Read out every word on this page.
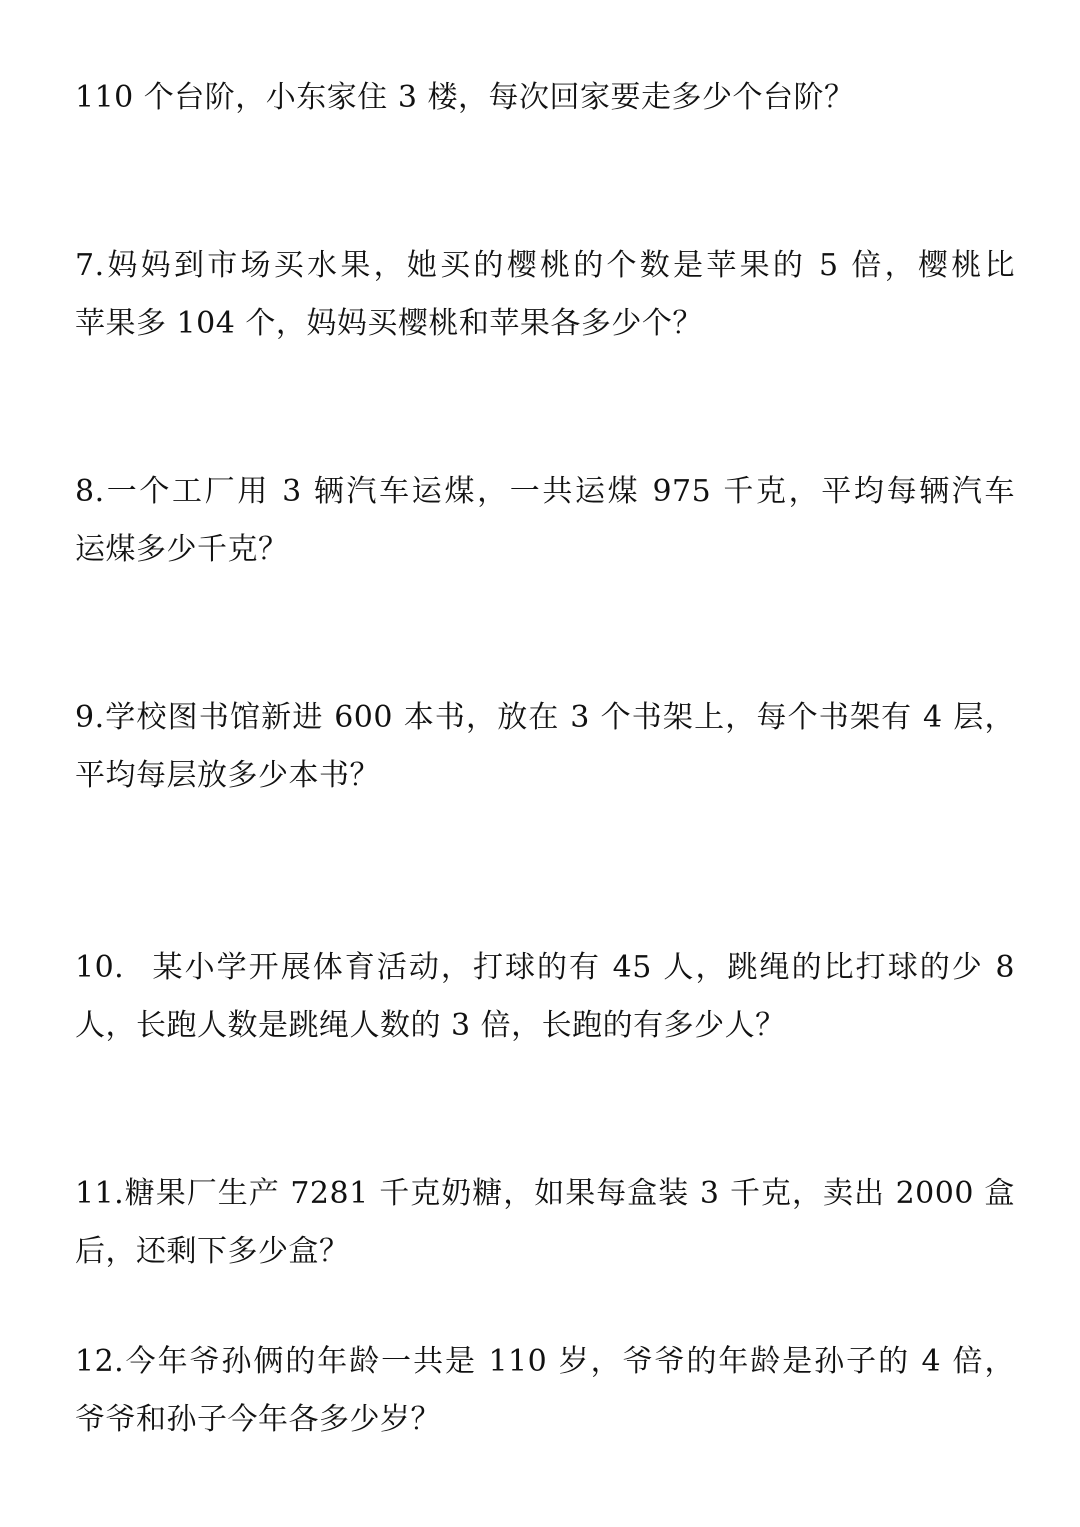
110 个台阶，小东家住 3 楼，每次回家要走多少个台阶？
7.妈妈到市场买水果，她买的樱桃的个数是苹果的 5 倍，樱桃比
苹果多 104 个，妈妈买樱桃和苹果各多少个？
8.一个工厂用 3 辆汽车运煤，一共运煤 975 千克，平均每辆汽车
运煤多少千克？
9.学校图书馆新进 600 本书，放在 3 个书架上，每个书架有 4 层，
平均每层放多少本书？
10. 某小学开展体育活动，打球的有 45 人，跳绳的比打球的少 8
人，长跑人数是跳绳人数的 3 倍，长跑的有多少人？
11.糖果厂生产 7281 千克奶糖，如果每盒装 3 千克，卖出 2000 盒
后，还剩下多少盒？
12.今年爷孙俩的年龄一共是 110 岁，爷爷的年龄是孙子的 4 倍，
爷爷和孙子今年各多少岁？
